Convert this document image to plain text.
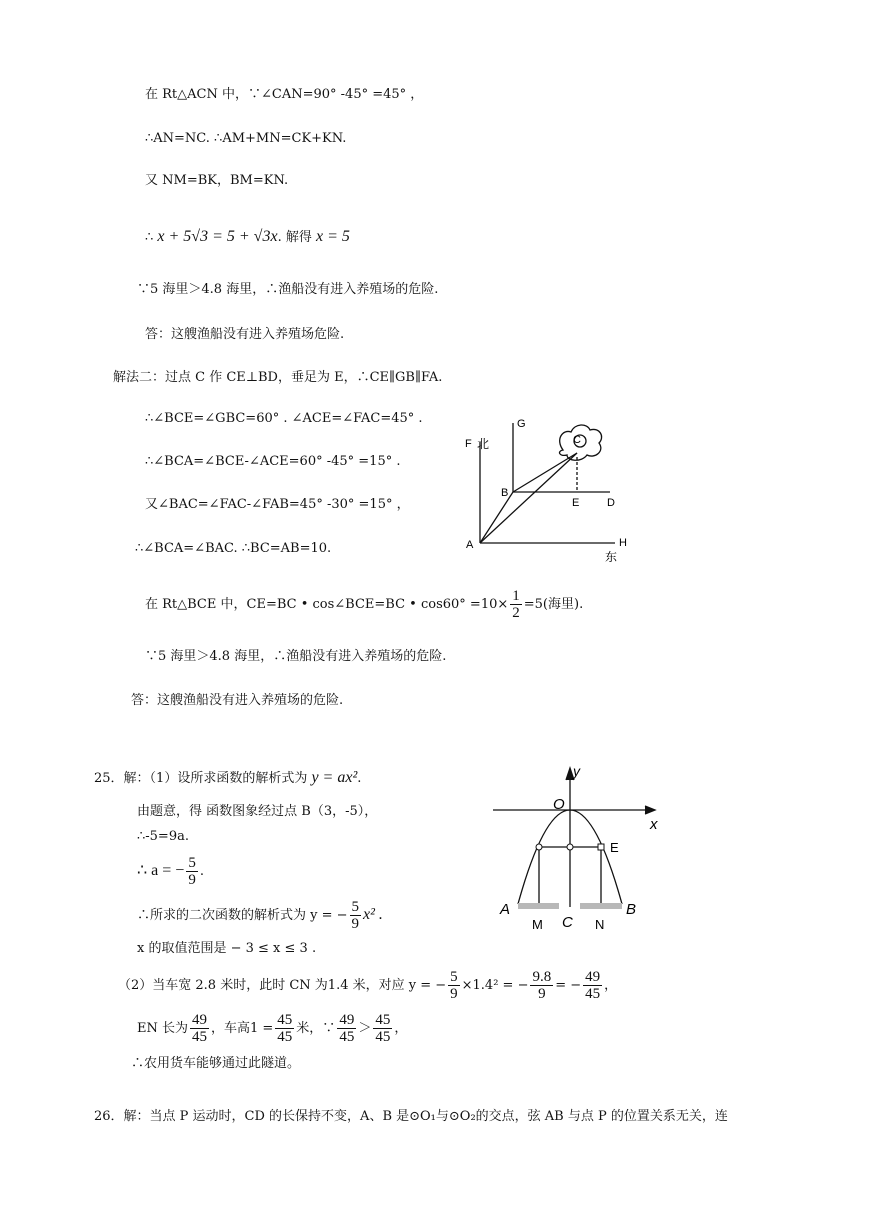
在 Rt△ACN 中，∵∠CAN=90° -45° =45° ，
∴AN=NC. ∴AM+MN=CK+KN.
又 NM=BK，BM=KN.
∴ x + 5√3 = 5 + √3x. 解得 x = 5
∵5 海里＞4.8 海里，∴渔船没有进入养殖场的危险.
答：这艘渔船没有进入养殖场危险.
解法二：过点 C 作 CE⊥BD，垂足为 E，∴CE∥GB∥FA.
∴∠BCE=∠GBC=60° . ∠ACE=∠FAC=45° .
∴∠BCA=∠BCE-∠ACE=60° -45° =15° .
又∠BAC=∠FAC-∠FAB=45° -30° =15° ，
∴∠BCA=∠BAC. ∴BC=AB=10.
在 Rt△BCE 中，CE=BC • cos∠BCE=BC • $\cos 60^\circ =10\times \frac{1}{2} =5$(海里).
∵5 海里＞4.8 海里，∴渔船没有进入养殖场的危险.
答：这艘渔船没有进入养殖场的危险.
F 北
G
C
B
E	D
A	H
东
25．解：（1）设所求函数的解析式为 y = ax².
由题意，得 函数图象经过点 B（3，-5），
∴-5=9a.
∴ a = − $\frac{5}{9}$ .
∴所求的二次函数的解析式为 y = − $\frac{5}{9} x^2$ .
x 的取值范围是 − 3 ≤ x ≤ 3 .
（2）当车宽 2.8 米时，此时 CN 为1.4 米，对应 y = − $\frac{5}{9} \times 1.4^2$ = − $\frac{9.8}{9}$ = − $\frac{49}{45}$ ，
EN 长为 $\frac{49}{45}$ ，车高$1 = \frac{45}{45}$ 米，∵ $\frac{49}{45} > \frac{45}{45}$ ，
∴农用货车能够通过此隧道。
y
O
x
E
A	B
M C N
26．解：当点 P 运动时，CD 的长保持不变，A、B 是⊙O₁与⊙O₂的交点，弦 AB 与点 P 的位置关系无关，连
